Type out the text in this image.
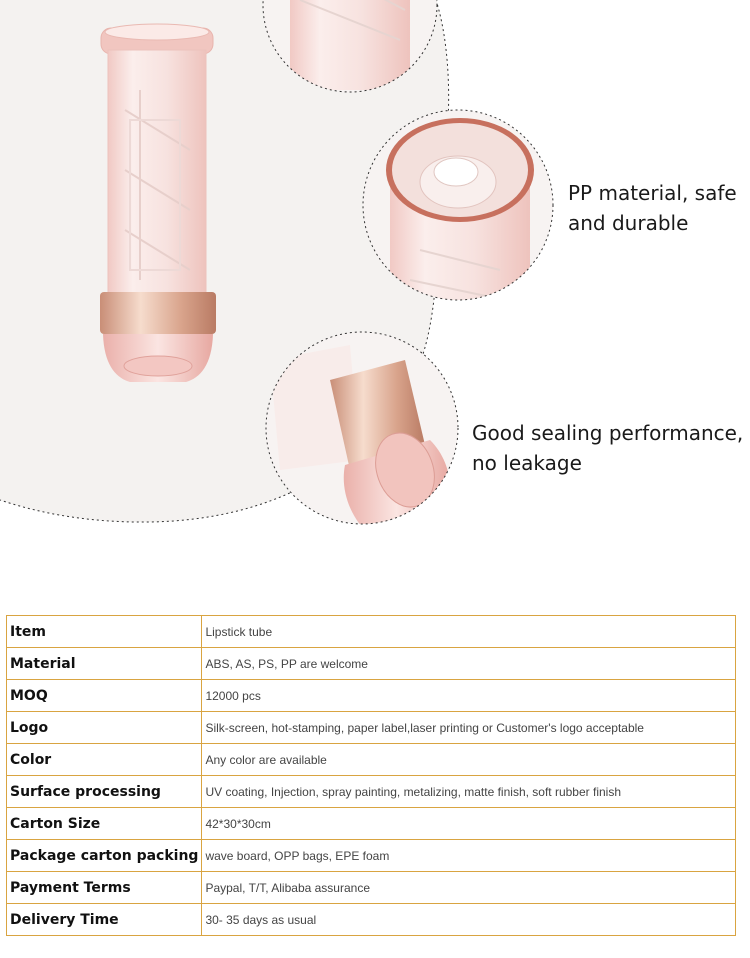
PP material, safe and durable
Good sealing performance, no leakage
Item	Lipstick tube
Material	ABS, AS, PS, PP are welcome
MOQ	12000 pcs
Logo	Silk-screen, hot-stamping, paper label,laser printing or Customer's logo acceptable
Color	Any color are available
Surface processing	UV coating, Injection, spray painting, metalizing, matte finish, soft rubber finish
Carton Size	42*30*30cm
Package carton packing	wave board, OPP bags, EPE foam
Payment Terms	Paypal, T/T, Alibaba assurance
Delivery Time	30- 35 days as usual
